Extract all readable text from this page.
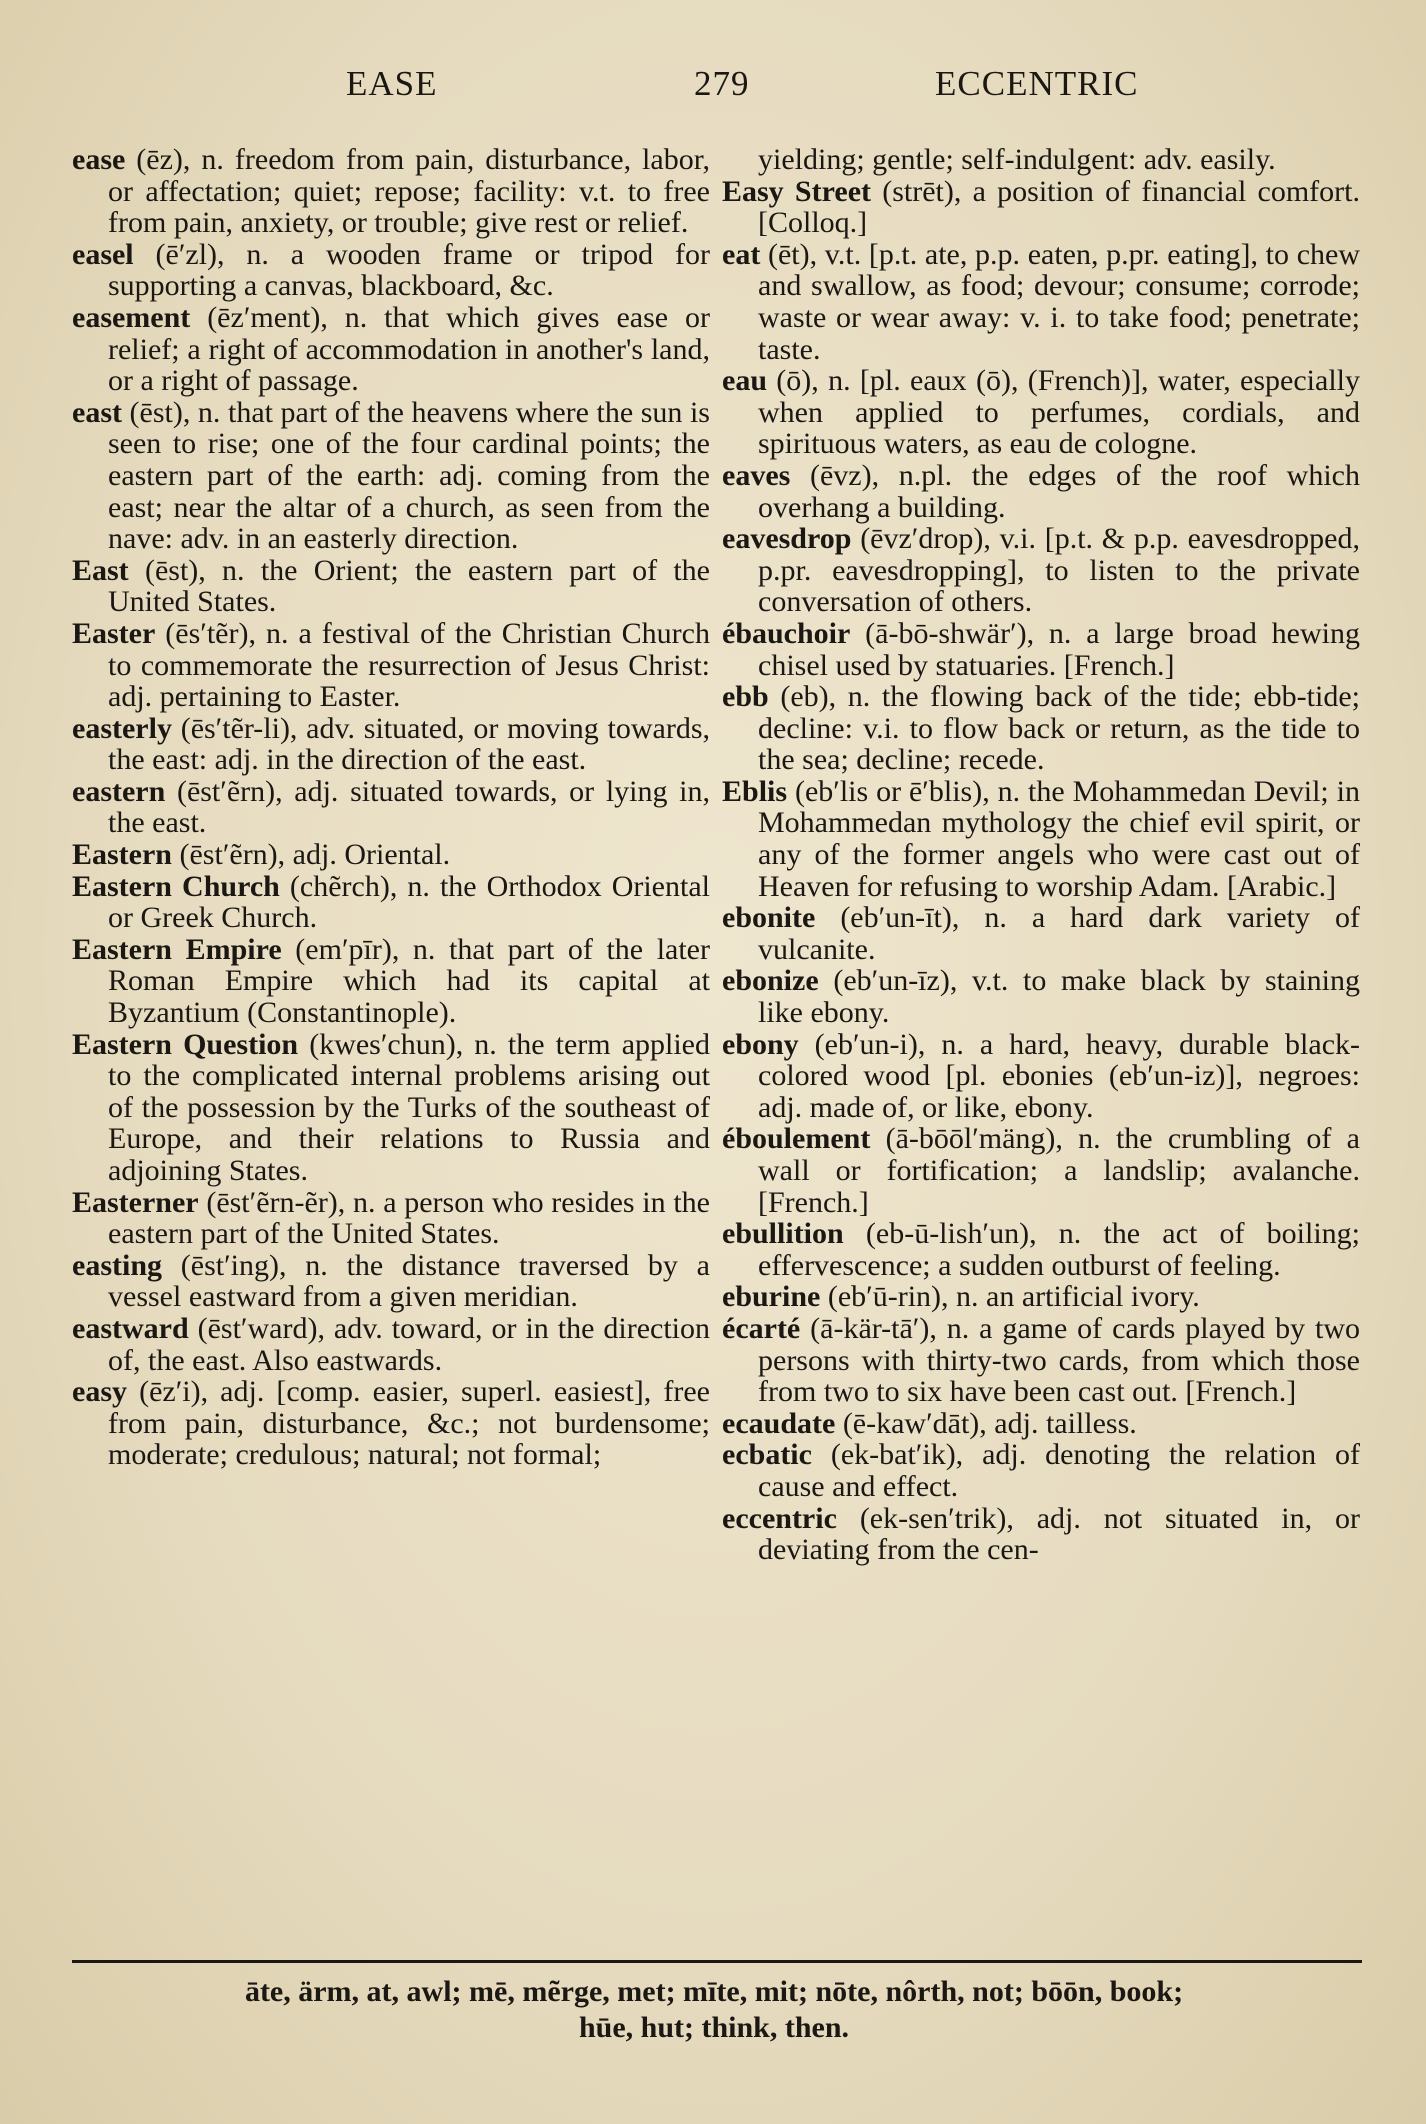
EASE	279	ECCENTRIC

ease (ēz), n. freedom from pain, disturbance, labor, or affectation; quiet; repose; facility: v.t. to free from pain, anxiety, or trouble; give rest or relief.

easel (ē′zl), n. a wooden frame or tripod for supporting a canvas, blackboard, &c.

easement (ēz′ment), n. that which gives ease or relief; a right of accommodation in another's land, or a right of passage.

east (ēst), n. that part of the heavens where the sun is seen to rise; one of the four cardinal points; the eastern part of the earth: adj. coming from the east; near the altar of a church, as seen from the nave: adv. in an easterly direction.

East (ēst), n. the Orient; the eastern part of the United States.

Easter (ēs′tẽr), n. a festival of the Christian Church to commemorate the resurrection of Jesus Christ: adj. pertaining to Easter.

easterly (ēs′tẽr-li), adv. situated, or moving towards, the east: adj. in the direction of the east.

eastern (ēst′ẽrn), adj. situated towards, or lying in, the east.

Eastern (ēst′ẽrn), adj. Oriental.

Eastern Church (chẽrch), n. the Orthodox Oriental or Greek Church.

Eastern Empire (em′pīr), n. that part of the later Roman Empire which had its capital at Byzantium (Constantinople).

Eastern Question (kwes′chun), n. the term applied to the complicated internal problems arising out of the possession by the Turks of the southeast of Europe, and their relations to Russia and adjoining States.

Easterner (ēst′ẽrn-ẽr), n. a person who resides in the eastern part of the United States.

easting (ēst′ing), n. the distance traversed by a vessel eastward from a given meridian.

eastward (ēst′ward), adv. toward, or in the direction of, the east. Also eastwards.

easy (ēz′i), adj. [comp. easier, superl. easiest], free from pain, disturbance, &c.; not burdensome; moderate; credulous; natural; not formal;

yielding; gentle; self-indulgent: adv. easily.

Easy Street (strēt), a position of financial comfort. [Colloq.]

eat (ēt), v.t. [p.t. ate, p.p. eaten, p.pr. eating], to chew and swallow, as food; devour; consume; corrode; waste or wear away: v. i. to take food; penetrate; taste.

eau (ō), n. [pl. eaux (ō), (French)], water, especially when applied to perfumes, cordials, and spirituous waters, as eau de cologne.

eaves (ēvz), n.pl. the edges of the roof which overhang a building.

eavesdrop (ēvz′drop), v.i. [p.t. & p.p. eavesdropped, p.pr. eavesdropping], to listen to the private conversation of others.

ébauchoir (ā-bō-shwär′), n. a large broad hewing chisel used by statuaries. [French.]

ebb (eb), n. the flowing back of the tide; ebb-tide; decline: v.i. to flow back or return, as the tide to the sea; decline; recede.

Eblis (eb′lis or ē′blis), n. the Mohammedan Devil; in Mohammedan mythology the chief evil spirit, or any of the former angels who were cast out of Heaven for refusing to worship Adam. [Arabic.]

ebonite (eb′un-īt), n. a hard dark variety of vulcanite.

ebonize (eb′un-īz), v.t. to make black by staining like ebony.

ebony (eb′un-i), n. a hard, heavy, durable black-colored wood [pl. ebonies (eb′un-iz)], negroes: adj. made of, or like, ebony.

éboulement (ā-bōōl′mäng), n. the crumbling of a wall or fortification; a landslip; avalanche. [French.]

ebullition (eb-ū-lish′un), n. the act of boiling; effervescence; a sudden outburst of feeling.

eburine (eb′ū-rin), n. an artificial ivory.

écarté (ā-kär-tā′), n. a game of cards played by two persons with thirty-two cards, from which those from two to six have been cast out. [French.]

ecaudate (ē-kaw′dāt), adj. tailless.

ecbatic (ek-bat′ik), adj. denoting the relation of cause and effect.

eccentric (ek-sen′trik), adj. not situated in, or deviating from the cen-

āte, ärm, at, awl; mē, mẽrge, met; mīte, mit; nōte, nôrth, not; bōōn, book;
hūe, hut; think, then.
